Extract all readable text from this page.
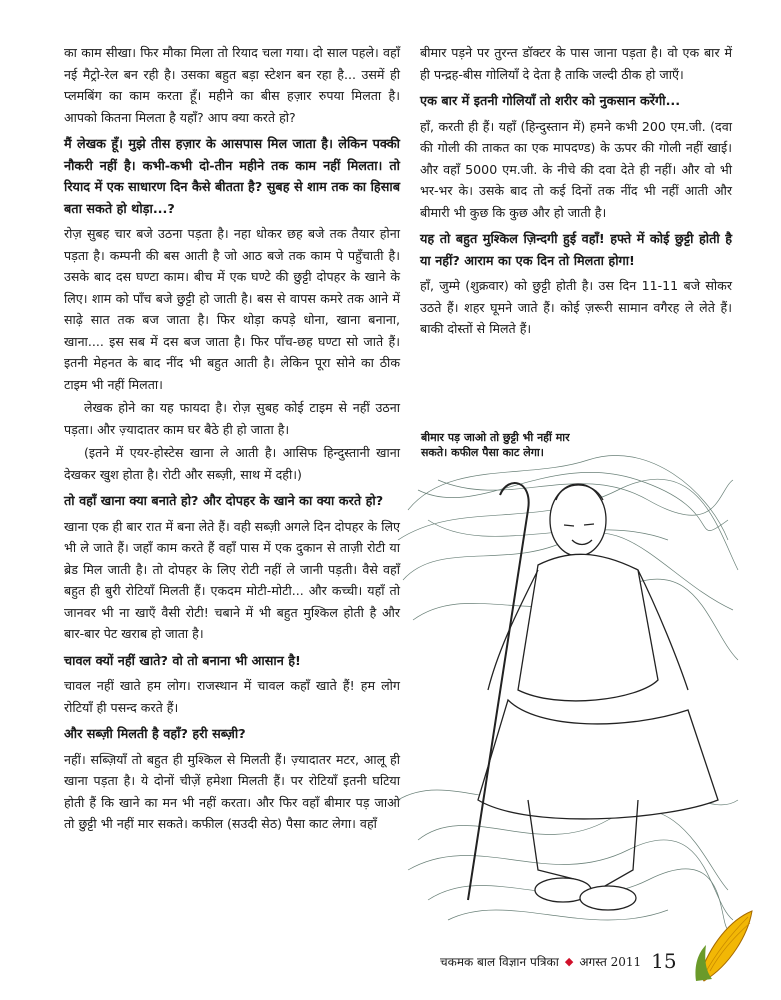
का काम सीखा। फिर मौका मिला तो रियाद चला गया। दो साल पहले। वहाँ नई मैट्रो-रेल बन रही है। उसका बहुत बड़ा स्टेशन बन रहा है... उसमें ही प्लमबिंग का काम करता हूँ। महीने का बीस हज़ार रुपया मिलता है। आपको कितना मिलता है यहाँ? आप क्या करते हो?

मैं लेखक हूँ। मुझे तीस हज़ार के आसपास मिल जाता है। लेकिन पक्की नौकरी नहीं है। कभी-कभी दो-तीन महीने तक काम नहीं मिलता। तो रियाद में एक साधारण दिन कैसे बीतता है? सुबह से शाम तक का हिसाब बता सकते हो थोड़ा...?

रोज़ सुबह चार बजे उठना पड़ता है। नहा धोकर छह बजे तक तैयार होना पड़ता है। कम्पनी की बस आती है जो आठ बजे तक काम पे पहुँचाती है। उसके बाद दस घण्टा काम। बीच में एक घण्टे की छुट्टी दोपहर के खाने के लिए। शाम को पाँच बजे छुट्टी हो जाती है। बस से वापस कमरे तक आने में साढ़े सात तक बज जाता है। फिर थोड़ा कपड़े धोना, खाना बनाना, खाना.... इस सब में दस बज जाता है। फिर पाँच-छह घण्टा सो जाते हैं। इतनी मेहनत के बाद नींद भी बहुत आती है। लेकिन पूरा सोने का ठीक टाइम भी नहीं मिलता।

लेखक होने का यह फायदा है। रोज़ सुबह कोई टाइम से नहीं उठना पड़ता। और ज़्यादातर काम घर बैठे ही हो जाता है।

(इतने में एयर-होस्टेस खाना ले आती है। आसिफ हिन्दुस्तानी खाना देखकर खुश होता है। रोटी और सब्ज़ी, साथ में दही।)

तो वहाँ खाना क्या बनाते हो? और दोपहर के खाने का क्या करते हो?

खाना एक ही बार रात में बना लेते हैं। वही सब्ज़ी अगले दिन दोपहर के लिए भी ले जाते हैं। जहाँ काम करते हैं वहाँ पास में एक दुकान से ताज़ी रोटी या ब्रेड मिल जाती है। तो दोपहर के लिए रोटी नहीं ले जानी पड़ती। वैसे वहाँ बहुत ही बुरी रोटियाँ मिलती हैं। एकदम मोटी-मोटी... और कच्ची। यहाँ तो जानवर भी ना खाएँ वैसी रोटी! चबाने में भी बहुत मुश्किल होती है और बार-बार पेट खराब हो जाता है।

चावल क्यों नहीं खाते? वो तो बनाना भी आसान है!

चावल नहीं खाते हम लोग। राजस्थान में चावल कहाँ खाते हैं! हम लोग रोटियाँ ही पसन्द करते हैं।

और सब्ज़ी मिलती है वहाँ? हरी सब्ज़ी?

नहीं। सब्ज़ियाँ तो बहुत ही मुश्किल से मिलती हैं। ज़्यादातर मटर, आलू ही खाना पड़ता है। ये दोनों चीज़ें हमेशा मिलती हैं। पर रोटियाँ इतनी घटिया होती हैं कि खाने का मन भी नहीं करता। और फिर वहाँ बीमार पड़ जाओ तो छुट्टी भी नहीं मार सकते। कफील (सउदी सेठ) पैसा काट लेगा। वहाँ

बीमार पड़ने पर तुरन्त डॉक्टर के पास जाना पड़ता है। वो एक बार में ही पन्द्रह-बीस गोलियाँ दे देता है ताकि जल्दी ठीक हो जाएँ।

एक बार में इतनी गोलियाँ तो शरीर को नुकसान करेंगी...

हाँ, करती ही हैं। यहाँ (हिन्दुस्तान में) हमने कभी 200 एम.जी. (दवा की गोली की ताकत का एक मापदण्ड) के ऊपर की गोली नहीं खाई। और वहाँ 5000 एम.जी. के नीचे की दवा देते ही नहीं। और वो भी भर-भर के। उसके बाद तो कई दिनों तक नींद भी नहीं आती और बीमारी भी कुछ कि कुछ और हो जाती है।

यह तो बहुत मुश्किल ज़िन्दगी हुई वहाँ! हफ्ते में कोई छुट्टी होती है या नहीं? आराम का एक दिन तो मिलता होगा!

हाँ, जुम्मे (शुक्रवार) को छुट्टी होती है। उस दिन 11-11 बजे सोकर उठते हैं। शहर घूमने जाते हैं। कोई ज़रूरी सामान वगैरह ले लेते हैं। बाकी दोस्तों से मिलते हैं।

बीमार पड़ जाओ तो छुट्टी भी नहीं मार सकते। कफील पैसा काट लेगा।
चकमक बाल विज्ञान पत्रिका ◆ अगस्त 2011 15
